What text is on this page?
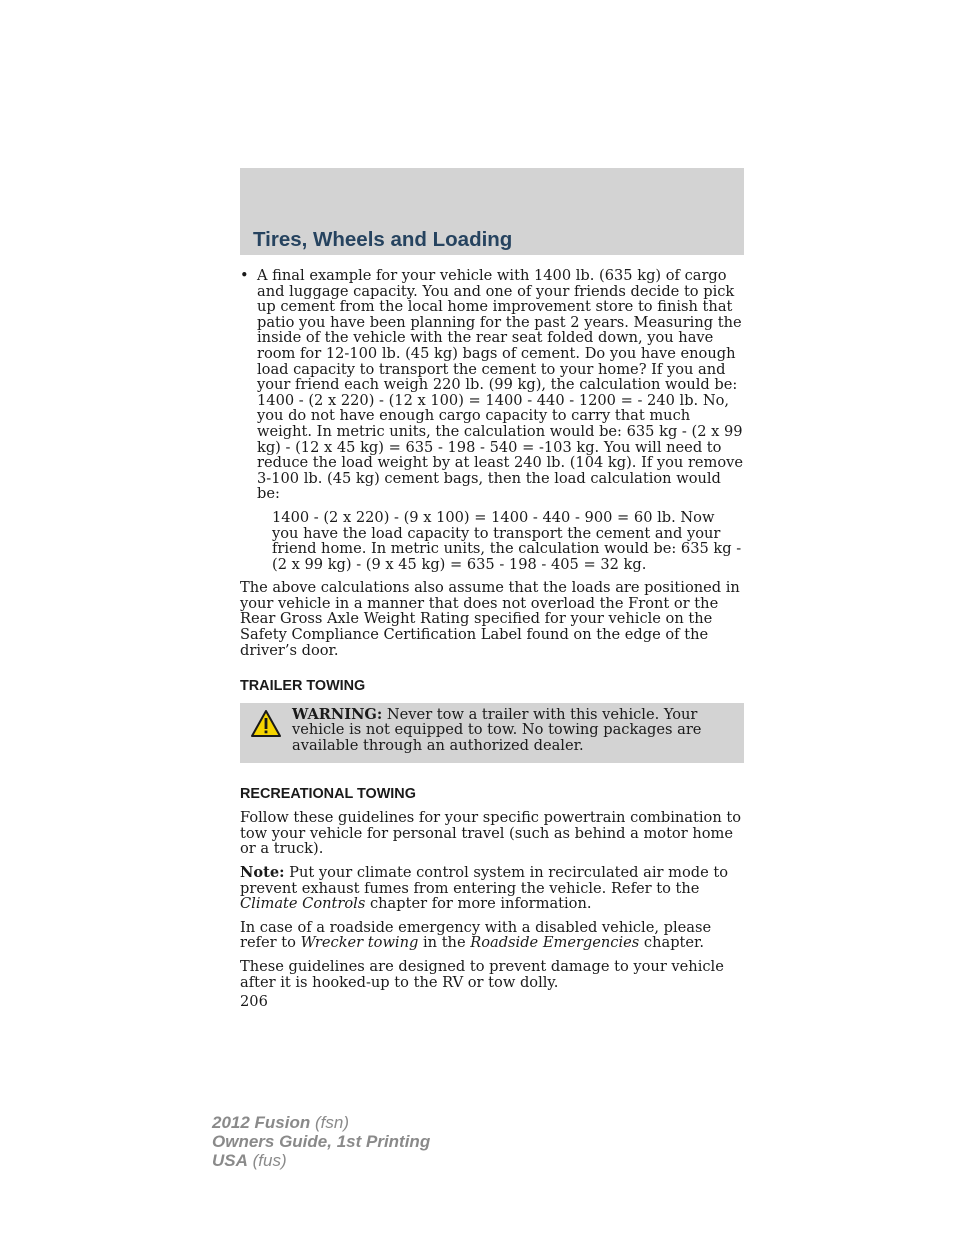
Tires, Wheels and Loading
• A final example for your vehicle with 1400 lb. (635 kg) of cargo and luggage capacity. You and one of your friends decide to pick up cement from the local home improvement store to finish that patio you have been planning for the past 2 years. Measuring the inside of the vehicle with the rear seat folded down, you have room for 12-100 lb. (45 kg) bags of cement. Do you have enough load capacity to transport the cement to your home? If you and your friend each weigh 220 lb. (99 kg), the calculation would be: 1400 - (2 x 220) - (12 x 100) = 1400 - 440 - 1200 = - 240 lb. No, you do not have enough cargo capacity to carry that much weight. In metric units, the calculation would be: 635 kg - (2 x 99 kg) - (12 x 45 kg) = 635 - 198 - 540 = -103 kg. You will need to reduce the load weight by at least 240 lb. (104 kg). If you remove 3-100 lb. (45 kg) cement bags, then the load calculation would be:

1400 - (2 x 220) - (9 x 100) = 1400 - 440 - 900 = 60 lb. Now you have the load capacity to transport the cement and your friend home. In metric units, the calculation would be: 635 kg - (2 x 99 kg) - (9 x 45 kg) = 635 - 198 - 405 = 32 kg.

The above calculations also assume that the loads are positioned in your vehicle in a manner that does not overload the Front or the Rear Gross Axle Weight Rating specified for your vehicle on the Safety Compliance Certification Label found on the edge of the driver’s door.

TRAILER TOWING
WARNING: Never tow a trailer with this vehicle. Your vehicle is not equipped to tow. No towing packages are available through an authorized dealer.
RECREATIONAL TOWING

Follow these guidelines for your specific powertrain combination to tow your vehicle for personal travel (such as behind a motor home or a truck).

Note: Put your climate control system in recirculated air mode to prevent exhaust fumes from entering the vehicle. Refer to the Climate Controls chapter for more information.

In case of a roadside emergency with a disabled vehicle, please refer to Wrecker towing in the Roadside Emergencies chapter.

These guidelines are designed to prevent damage to your vehicle after it is hooked-up to the RV or tow dolly.

206

2012 Fusion (fsn)
Owners Guide, 1st Printing
USA (fus)
